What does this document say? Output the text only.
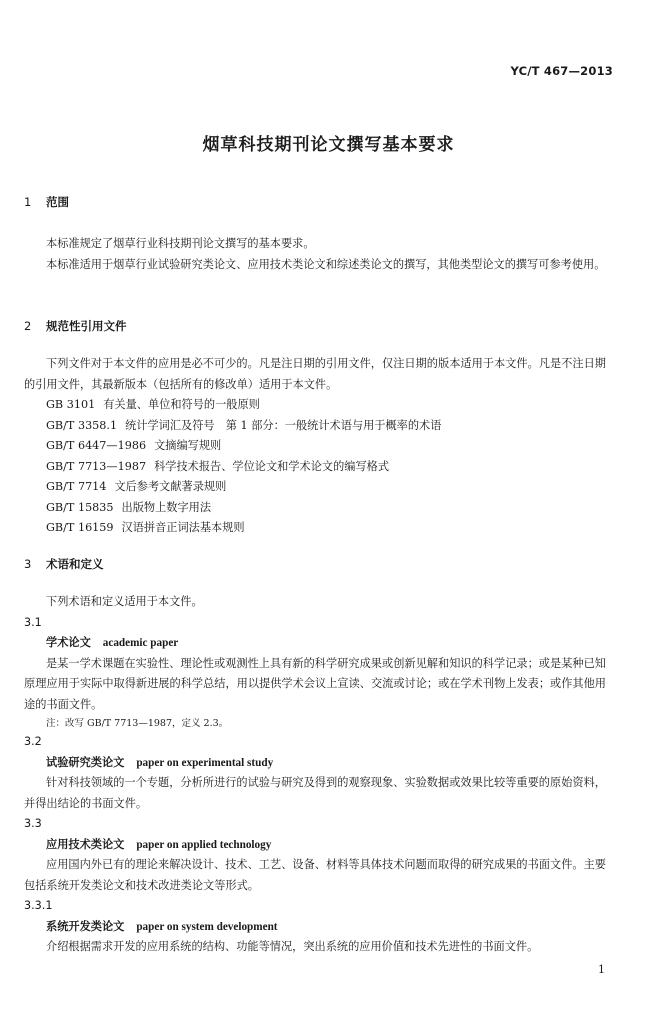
YC/T 467—2013
烟草科技期刊论文撰写基本要求
1 范围

本标准规定了烟草行业科技期刊论文撰写的基本要求。

本标准适用于烟草行业试验研究类论文、应用技术类论文和综述类论文的撰写，其他类型论文的撰写可参考使用。

2 规范性引用文件

下列文件对于本文件的应用是必不可少的。凡是注日期的引用文件，仅注日期的版本适用于本文件。凡是不注日期的引用文件，其最新版本（包括所有的修改单）适用于本文件。

GB 3101 有关量、单位和符号的一般原则
GB/T 3358.1 统计学词汇及符号　第 1 部分：一般统计术语与用于概率的术语
GB/T 6447—1986 文摘编写规则
GB/T 7713—1987 科学技术报告、学位论文和学术论文的编写格式
GB/T 7714 文后参考文献著录规则
GB/T 15835 出版物上数字用法
GB/T 16159 汉语拼音正词法基本规则
3 术语和定义

下列术语和定义适用于本文件。

3.1
学术论文 academic paper

是某一学术课题在实验性、理论性或观测性上具有新的科学研究成果或创新见解和知识的科学记录；或是某种已知原理应用于实际中取得新进展的科学总结，用以提供学术会议上宣读、交流或讨论；或在学术刊物上发表；或作其他用途的书面文件。

注：改写 GB/T 7713—1987，定义 2.3。
3.2
试验研究类论文 paper on experimental study

针对科技领域的一个专题，分析所进行的试验与研究及得到的观察现象、实验数据或效果比较等重要的原始资料，并得出结论的书面文件。

3.3
应用技术类论文 paper on applied technology

应用国内外已有的理论来解决设计、技术、工艺、设备、材料等具体技术问题而取得的研究成果的书面文件。主要包括系统开发类论文和技术改进类论文等形式。

3.3.1
系统开发类论文 paper on system development

介绍根据需求开发的应用系统的结构、功能等情况，突出系统的应用价值和技术先进性的书面文件。

1
